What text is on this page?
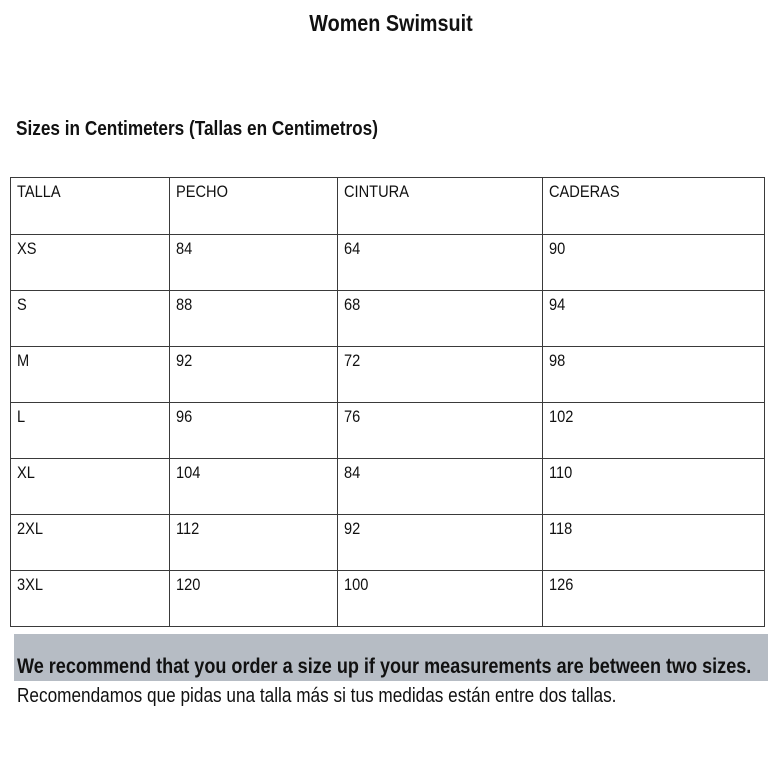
Women Swimsuit
Sizes in Centimeters (Tallas en Centimetros)
TALLA	PECHO	CINTURA	CADERAS
XS	84	64	90
S	88	68	94
M	92	72	98
L	96	76	102
XL	104	84	110
2XL	112	92	118
3XL	120	100	126
We recommend that you order a size up if your measurements are between two sizes.
Recomendamos que pidas una talla más si tus medidas están entre dos tallas.
